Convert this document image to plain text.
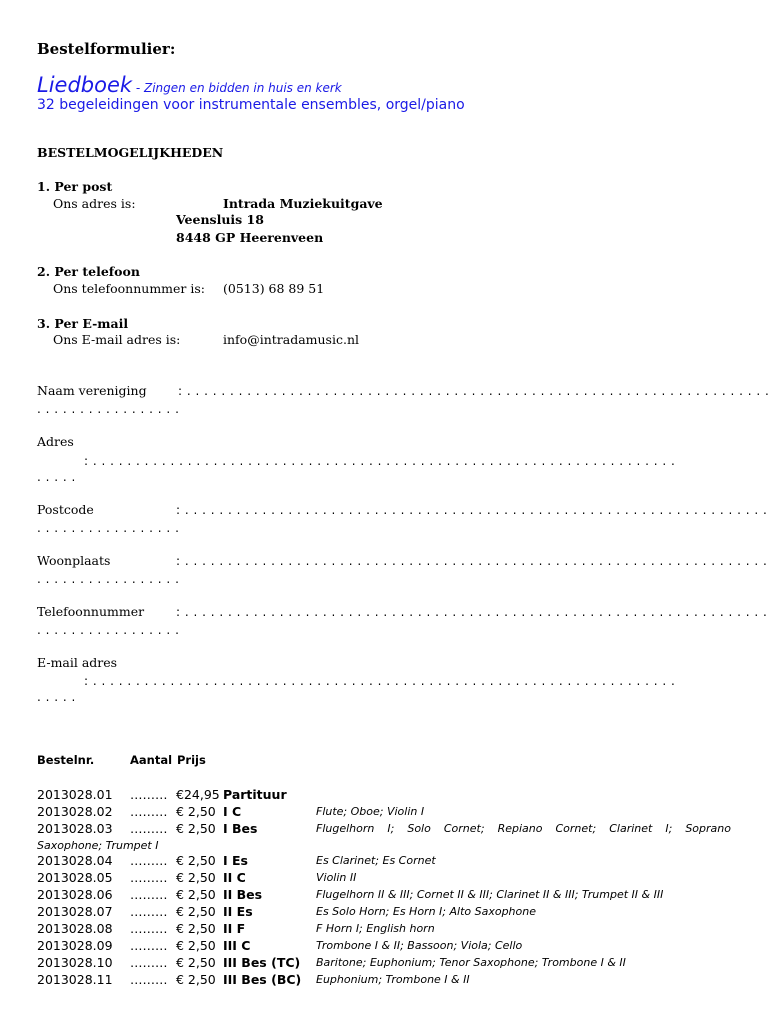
Bestelformulier:
Liedboek - Zingen en bidden in huis en kerk
32 begeleidingen voor instrumentale ensembles, orgel/piano
BESTELMOGELIJKHEDEN
1. Per post
Ons adres is:	Intrada Muziekuitgave
Veensluis 18
8448 GP Heerenveen
2. Per telefoon
Ons telefoonnummer is: (0513) 68 89 51
3. Per E-mail
Ons E-mail adres is:	info@intradamusic.nl
Naam vereniging	: . . . . . . . . . . . . . . . . . . . . . . . . . . . . . . . . . . . . . . . . . . . . . . . . . . . . . . . . . . . . . . . . . . . .
. . . . . . . . . . . . . . . . .
Adres
: . . . . . . . . . . . . . . . . . . . . . . . . . . . . . . . . . . . . . . . . . . . . . . . . . . . . . . . . . . . . . . . . . . . .
. . . . .
Postcode	: . . . . . . . . . . . . . . . . . . . . . . . . . . . . . . . . . . . . . . . . . . . . . . . . . . . . . . . . . . . . . . . . . . . .
. . . . . . . . . . . . . . . . .
Woonplaats	: . . . . . . . . . . . . . . . . . . . . . . . . . . . . . . . . . . . . . . . . . . . . . . . . . . . . . . . . . . . . . . . . . . . .
. . . . . . . . . . . . . . . . .
Telefoonnummer	: . . . . . . . . . . . . . . . . . . . . . . . . . . . . . . . . . . . . . . . . . . . . . . . . . . . . . . . . . . . . . . . . . . . .
. . . . . . . . . . . . . . . . .
E-mail adres
: . . . . . . . . . . . . . . . . . . . . . . . . . . . . . . . . . . . . . . . . . . . . . . . . . . . . . . . . . . . . . . . . . . . .
. . . . .
Bestelnr.	Aantal Prijs
2013028.01 ……… €24,95 Partituur
2013028.02 ……… € 2,50 I C	Flute; Oboe; Violin I
2013028.03 ……… € 2,50 I Bes	Flugelhorn I; Solo Cornet; Repiano Cornet; Clarinet I; Soprano
Saxophone; Trumpet I
2013028.04 ……… € 2,50 I Es	Es Clarinet; Es Cornet
2013028.05 ……… € 2,50 II C	Violin II
2013028.06 ……… € 2,50 II Bes	Flugelhorn II & III; Cornet II & III; Clarinet II & III; Trumpet II & III
2013028.07 ……… € 2,50 II Es	Es Solo Horn; Es Horn I; Alto Saxophone
2013028.08 ……… € 2,50 II F	F Horn I; English horn
2013028.09 ……… € 2,50 III C	Trombone I & II; Bassoon; Viola; Cello
2013028.10 ……… € 2,50 III Bes (TC) Baritone; Euphonium; Tenor Saxophone; Trombone I & II
2013028.11 ……… € 2,50 III Bes (BC) Euphonium; Trombone I & II
